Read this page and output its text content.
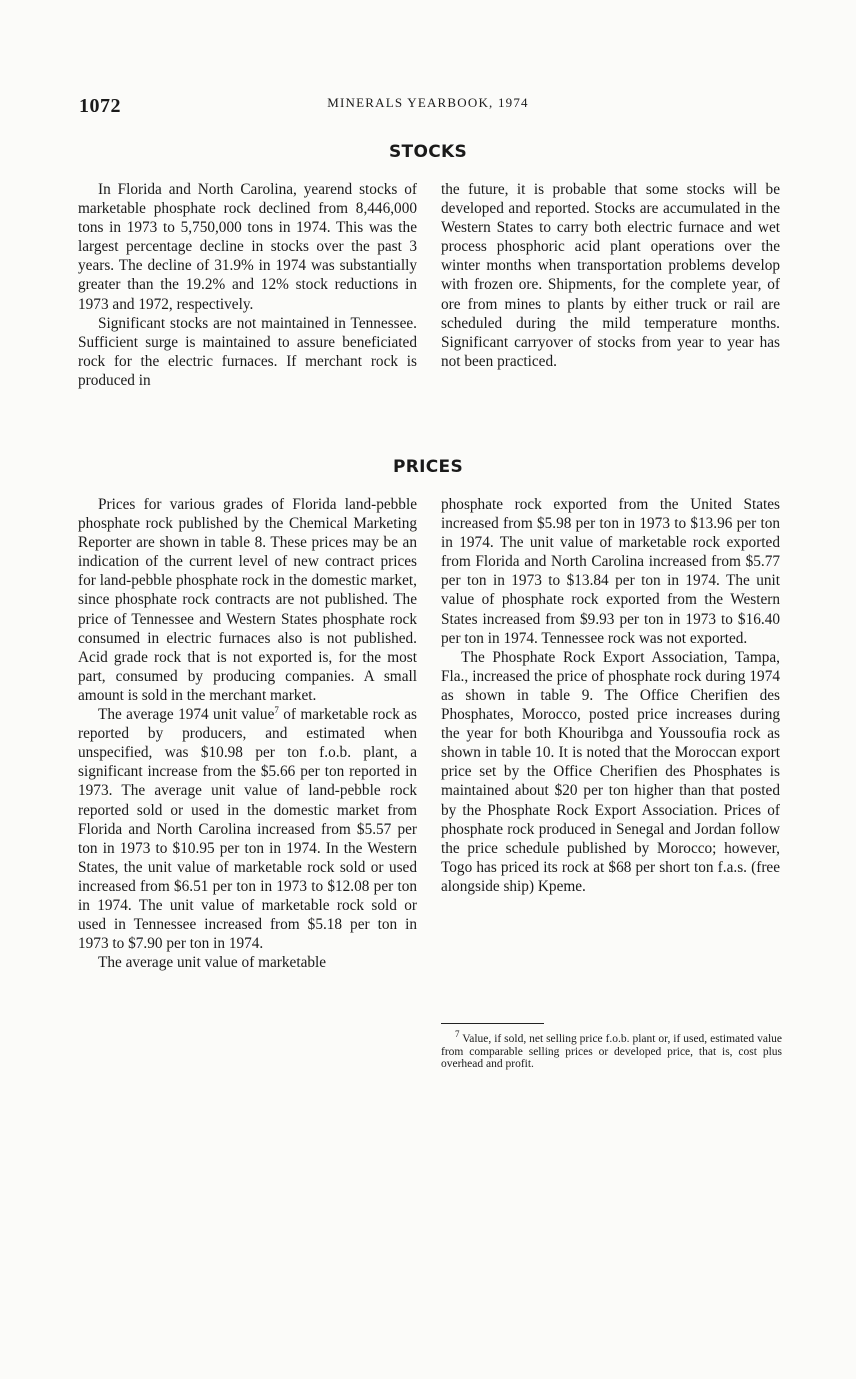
1072	MINERALS YEARBOOK, 1974
STOCKS

In Florida and North Carolina, yearend stocks of marketable phosphate rock declined from 8,446,000 tons in 1973 to 5,750,000 tons in 1974. This was the largest percentage decline in stocks over the past 3 years. The decline of 31.9% in 1974 was substantially greater than the 19.2% and 12% stock reductions in 1973 and 1972, respectively.

Significant stocks are not maintained in Tennessee. Sufficient surge is maintained to assure beneficiated rock for the electric furnaces. If merchant rock is produced in

the future, it is probable that some stocks will be developed and reported. Stocks are accumulated in the Western States to carry both electric furnace and wet process phosphoric acid plant operations over the winter months when transportation problems develop with frozen ore. Shipments, for the complete year, of ore from mines to plants by either truck or rail are scheduled during the mild temperature months. Significant carryover of stocks from year to year has not been practiced.

PRICES

Prices for various grades of Florida land-pebble phosphate rock published by the Chemical Marketing Reporter are shown in table 8. These prices may be an indication of the current level of new contract prices for land-pebble phosphate rock in the domestic market, since phosphate rock contracts are not published. The price of Tennessee and Western States phosphate rock consumed in electric furnaces also is not published. Acid grade rock that is not exported is, for the most part, consumed by producing companies. A small amount is sold in the merchant market.

The average 1974 unit value$^7$ of marketable rock as reported by producers, and estimated when unspecified, was $10.98 per ton f.o.b. plant, a significant increase from the $5.66 per ton reported in 1973. The average unit value of land-pebble rock reported sold or used in the domestic market from Florida and North Carolina increased from $5.57 per ton in 1973 to $10.95 per ton in 1974. In the Western States, the unit value of marketable rock sold or used increased from $6.51 per ton in 1973 to $12.08 per ton in 1974. The unit value of marketable rock sold or used in Tennessee increased from $5.18 per ton in 1973 to $7.90 per ton in 1974.

The average unit value of marketable

phosphate rock exported from the United States increased from $5.98 per ton in 1973 to $13.96 per ton in 1974. The unit value of marketable rock exported from Florida and North Carolina increased from $5.77 per ton in 1973 to $13.84 per ton in 1974. The unit value of phosphate rock exported from the Western States increased from $9.93 per ton in 1973 to $16.40 per ton in 1974. Tennessee rock was not exported.

The Phosphate Rock Export Association, Tampa, Fla., increased the price of phosphate rock during 1974 as shown in table 9. The Office Cherifien des Phosphates, Morocco, posted price increases during the year for both Khouribga and Youssoufia rock as shown in table 10. It is noted that the Moroccan export price set by the Office Cherifien des Phosphates is maintained about $20 per ton higher than that posted by the Phosphate Rock Export Association. Prices of phosphate rock produced in Senegal and Jordan follow the price schedule published by Morocco; however, Togo has priced its rock at $68 per short ton f.a.s. (free alongside ship) Kpeme.

$^7$ Value, if sold, net selling price f.o.b. plant or, if used, estimated value from comparable selling prices or developed price, that is, cost plus overhead and profit.
